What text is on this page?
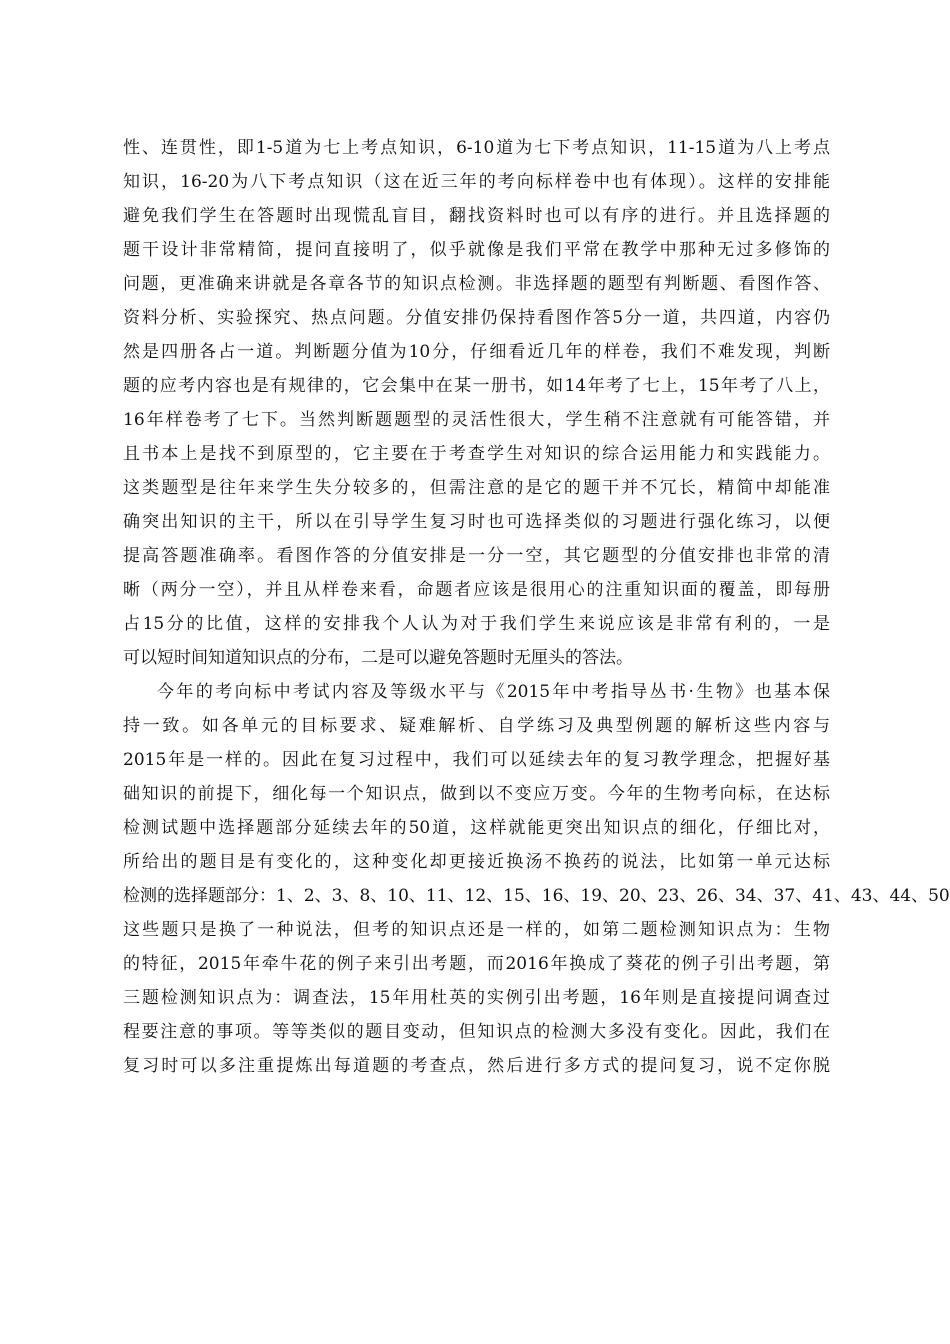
性、连贯性，即1-5道为七上考点知识，6-10道为七下考点知识，11-15道为八上考点
知识，16-20为八下考点知识（这在近三年的考向标样卷中也有体现）。这样的安排能
避免我们学生在答题时出现慌乱盲目，翻找资料时也可以有序的进行。并且选择题的
题干设计非常精简，提问直接明了，似乎就像是我们平常在教学中那种无过多修饰的
问题，更准确来讲就是各章各节的知识点检测。非选择题的题型有判断题、看图作答、
资料分析、实验探究、热点问题。分值安排仍保持看图作答5分一道，共四道，内容仍
然是四册各占一道。判断题分值为10分，仔细看近几年的样卷，我们不难发现，判断
题的应考内容也是有规律的，它会集中在某一册书，如14年考了七上，15年考了八上，
16年样卷考了七下。当然判断题题型的灵活性很大，学生稍不注意就有可能答错，并
且书本上是找不到原型的，它主要在于考查学生对知识的综合运用能力和实践能力。
这类题型是往年来学生失分较多的，但需注意的是它的题干并不冗长，精简中却能准
确突出知识的主干，所以在引导学生复习时也可选择类似的习题进行强化练习，以便
提高答题准确率。看图作答的分值安排是一分一空，其它题型的分值安排也非常的清
晰（两分一空），并且从样卷来看，命题者应该是很用心的注重知识面的覆盖，即每册
占15分的比值，这样的安排我个人认为对于我们学生来说应该是非常有利的，一是
可以短时间知道知识点的分布，二是可以避免答题时无厘头的答法。
今年的考向标中考试内容及等级水平与《2015年中考指导丛书·生物》也基本保
持一致。如各单元的目标要求、疑难解析、自学练习及典型例题的解析这些内容与
2015年是一样的。因此在复习过程中，我们可以延续去年的复习教学理念，把握好基
础知识的前提下，细化每一个知识点，做到以不变应万变。今年的生物考向标，在达标
检测试题中选择题部分延续去年的50道，这样就能更突出知识点的细化，仔细比对，
所给出的题目是有变化的，这种变化却更接近换汤不换药的说法，比如第一单元达标
检测的选择题部分：1、2、3、8、10、11、12、15、16、19、20、23、26、34、37、41、43、44、50
这些题只是换了一种说法，但考的知识点还是一样的，如第二题检测知识点为：生物
的特征，2015年牵牛花的例子来引出考题，而2016年换成了葵花的例子引出考题，第
三题检测知识点为：调查法，15年用杜英的实例引出考题，16年则是直接提问调查过
程要注意的事项。等等类似的题目变动，但知识点的检测大多没有变化。因此，我们在
复习时可以多注重提炼出每道题的考查点，然后进行多方式的提问复习，说不定你脱
